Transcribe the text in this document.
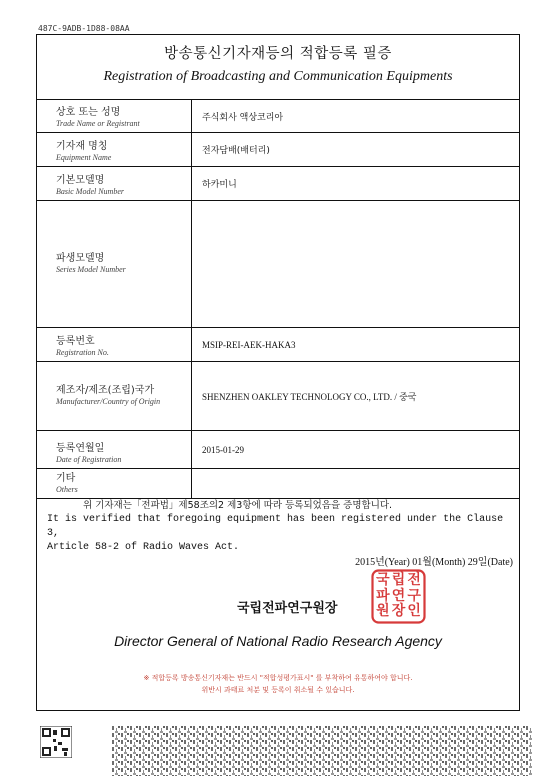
487C-9ADB-1D88-08AA
방송통신기자재등의 적합등록 필증
Registration of Broadcasting and Communication Equipments
상호 또는 성명
Trade Name or Registrant
주식회사 액상코리아
기자재 명칭
Equipment Name
전자담배(배터리)
기본모델명
Basic Model Number
하카미니
파생모델명
Series Model Number
등록번호
Registration No.
MSIP-REI-AEK-HAKA3
제조자/제조(조립)국가
Manufacturer/Country of Origin	SHENZHEN OAKLEY TECHNOLOGY CO., LTD. / 중국
등록연월일
Date of Registration
2015-01-29
기타
Others
위 기자재는「전파법」제58조의2 제3항에 따라 등록되었음을 증명합니다.
It is verified that foregoing equipment has been registered under the Clause 3,
Article 58-2 of Radio Waves Act.
2015년(Year) 01월(Month) 29일(Date)
국립전파연구원장
국 립 전
파 연 구
원 장 인
Director General of National Radio Research Agency
※ 적합등록 방송통신기자재는 반드시 "적합성평가표시" 를 부착하여 유통하여야 합니다.
위반시 과태료 처분 및 등록이 취소될 수 있습니다.
